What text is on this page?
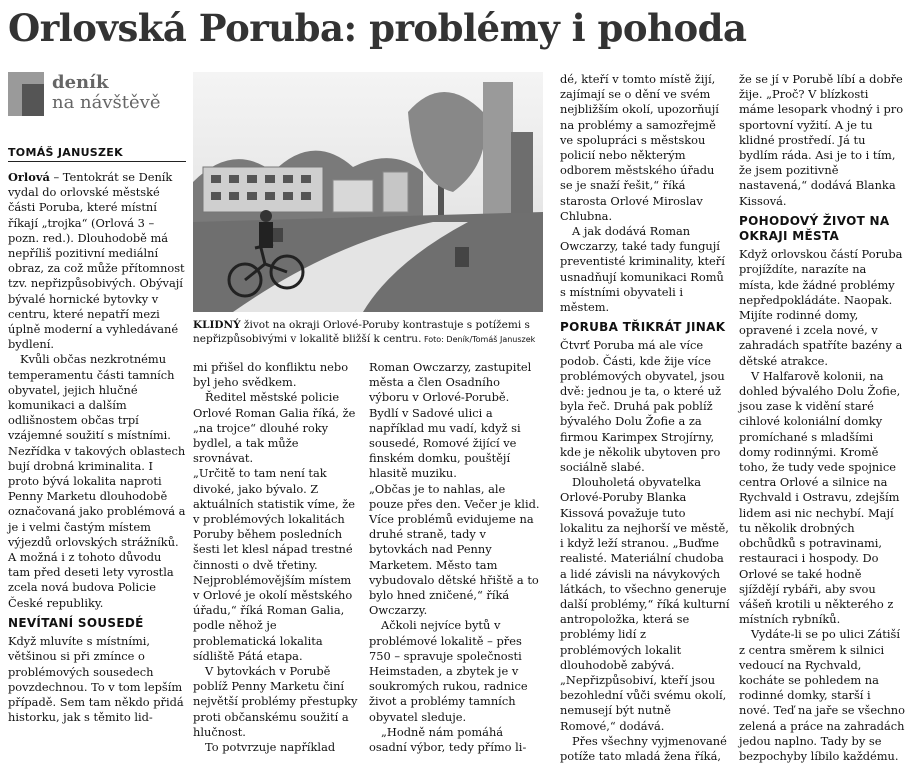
Orlovská Poruba: problémy i pohoda
deník
na návštěvě
TOMÁŠ JANUSZEK

Orlová – Tentokrát se Deník vydal do orlovské městské části Poruba, které místní říkají „trojka“ (Orlová 3 – pozn. red.). Dlouhodobě má nepříliš pozitivní mediální obraz, za což může přítomnost tzv. nepřizpůsobivých. Obývají bývalé hornické bytovky v centru, které nepatří mezi úplně moderní a vyhledávané bydlení.

Kvůli občas nezkrotnému temperamentu části tamních obyvatel, jejich hlučné komunikaci a dalším odlišnostem občas trpí vzájemné soužití s místními. Nezřídka v takových oblastech bují drobná kriminalita. I proto bývá lokalita naproti Penny Marketu dlouhodobě označovaná jako problémová a je i velmi častým místem výjezdů orlovských strážníků. A možná i z tohoto důvodu tam před deseti lety vyrostla zcela nová budova Policie České republiky.

NEVÍTANÍ SOUSEDÉ

Když mluvíte s místními, většinou si při zmínce o problémových sousedech povzdechnou. To v tom lepším případě. Sem tam někdo přidá historku, jak s těmito lid-

KLIDNÝ život na okraji Orlové-Poruby kontrastuje s potížemi s nepřizpůsobivými v lokalitě bližší k centru. Foto: Deník/Tomáš Januszek

mi přišel do konfliktu nebo byl jeho svědkem.

Ředitel městské policie Orlové Roman Galia říká, že „na trojce“ dlouhé roky bydlel, a tak může srovnávat.

„Určitě to tam není tak divoké, jako bývalo. Z aktuálních statistik víme, že v problémových lokalitách Poruby během posledních šesti let klesl nápad trestné činnosti o dvě třetiny. Nejproblémovějším místem v Orlové je okolí městského úřadu,“ říká Roman Galia, podle něhož je problematická lokalita sídliště Pátá etapa.

V bytovkách v Porubě poblíž Penny Marketu činí největší problémy přestupky proti občanskému soužití a hlučnost.

To potvrzuje například

Roman Owczarzy, zastupitel města a člen Osadního výboru v Orlové-Porubě. Bydlí v Sadové ulici a například mu vadí, když si sousedé, Romové žijící ve finském domku, pouštějí hlasitě muziku.

„Občas je to nahlas, ale pouze přes den. Večer je klid. Více problémů evidujeme na druhé straně, tady v bytovkách nad Penny Marketem. Město tam vybudovalo dětské hřiště a to bylo hned zničené,“ říká Owczarzy.

Ačkoli nejvíce bytů v problémové lokalitě – přes 750 – spravuje společnosti Heimstaden, a zbytek je v soukromých rukou, radnice život a problémy tamních obyvatel sleduje.

„Hodně nám pomáhá osadní výbor, tedy přímo li-

dé, kteří v tomto místě žijí, zajímají se o dění ve svém nejbližším okolí, upozorňují na problémy a samozřejmě ve spolupráci s městskou policií nebo některým odborem městského úřadu se je snaží řešit,“ říká starosta Orlové Miroslav Chlubna.

A jak dodává Roman Owczarzy, také tady fungují preventisté kriminality, kteří usnadňují komunikaci Romů s místními obyvateli i městem.

PORUBA TŘIKRÁT JINAK

Čtvrť Poruba má ale více podob. Části, kde žije více problémových obyvatel, jsou dvě: jednou je ta, o které už byla řeč. Druhá pak poblíž bývalého Dolu Žofie a za firmou Karimpex Strojírny, kde je několik ubytoven pro sociálně slabé.

Dlouholetá obyvatelka Orlové-Poruby Blanka Kissová považuje tuto lokalitu za nejhorší ve městě, i když leží stranou. „Buďme realisté. Materiální chudoba a lidé závisli na návykových látkách, to všechno generuje další problémy,“ říká kulturní antropoložka, která se problémy lidí z problémových lokalit dlouhodobě zabývá. „Nepřizpůsobiví, kteří jsou bezohlední vůči svému okolí, nemusejí být nutně Romové,“ dodává.

Přes všechny vyjmenované potíže tato mladá žena říká,

že se jí v Porubě líbí a dobře žije. „Proč? V blízkosti máme lesopark vhodný i pro sportovní vyžití. A je tu klidné prostředí. Já tu bydlím ráda. Asi je to i tím, že jsem pozitivně nastavená,“ dodává Blanka Kissová.

POHODOVÝ ŽIVOT NA OKRAJI MĚSTA

Když orlovskou částí Poruba projíždíte, narazíte na místa, kde žádné problémy nepředpokládáte. Naopak. Mijíte rodinné domy, opravené i zcela nové, v zahradách spatříte bazény a dětské atrakce.

V Halfarově kolonii, na dohled bývalého Dolu Žofie, jsou zase k vidění staré cihlové koloniální domky promíchané s mladšími domy rodinnými. Kromě toho, že tudy vede spojnice centra Orlové a silnice na Rychvald i Ostravu, zdejším lidem asi nic nechybí. Mají tu několik drobných obchůdků s potravinami, restauraci i hospody. Do Orlové se také hodně sjíždějí rybáři, aby svou vášeň krotili u některého z místních rybníků.

Vydáte-li se po ulici Zátiší z centra směrem k silnici vedoucí na Rychvald, kocháte se pohledem na rodinné domky, starší i nové. Teď na jaře se všechno zelená a práce na zahradách jedou naplno. Tady by se bezpochyby líbilo každému.
